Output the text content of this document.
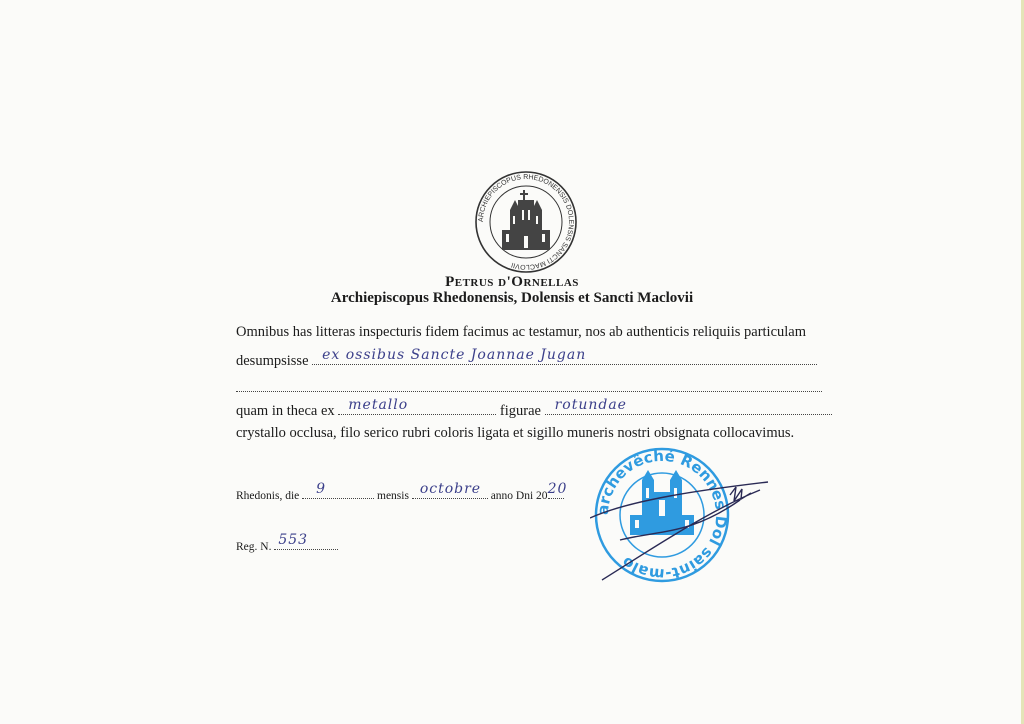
ARCHIEPISCOPUS RHEDONENSIS DOLENSIS SANCTI MACLOVII
Petrus d'Ornellas
Archiepiscopus Rhedonensis, Dolensis et Sancti Maclovii
Omnibus has litteras inspecturis fidem facimus ac testamur, nos ab authenticis reliquiis particulam
desumpsisse ex ossibus Sancte Joannae Jugan
quam in theca ex metallo	figurae rotundae
crystallo occlusa, filo serico rubri coloris ligata et sigillo muneris nostri obsignata collocavimus.
Rhedonis, die 9	mensis octobre anno Dni 20 20
Reg. N. 553
archevêché Rennes Dol saint-malo
